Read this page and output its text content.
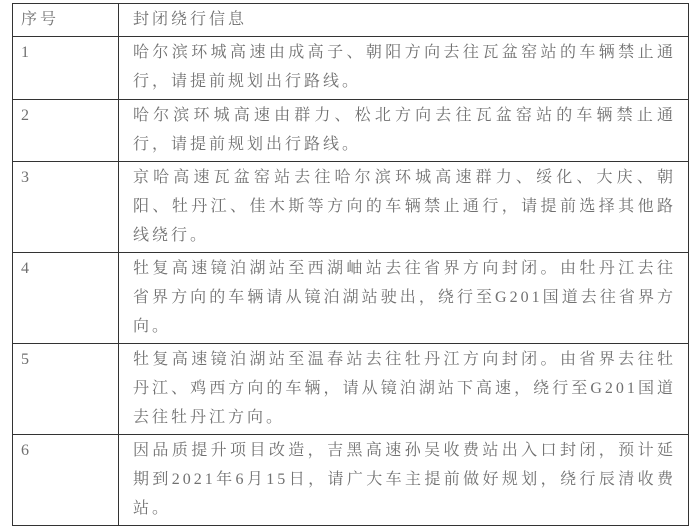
序号	封闭绕行信息
1	哈尔滨环城高速由成高子、朝阳方向去往瓦盆窑站的车辆禁止通行，请提前规划出行路线。
2	哈尔滨环城高速由群力、松北方向去往瓦盆窑站的车辆禁止通行，请提前规划出行路线。
3	京哈高速瓦盆窑站去往哈尔滨环城高速群力、绥化、大庆、朝阳、牡丹江、佳木斯等方向的车辆禁止通行，请提前选择其他路线绕行。
4	牡复高速镜泊湖站至西湖岫站去往省界方向封闭。由牡丹江去往省界方向的车辆请从镜泊湖站驶出，绕行至G201国道去往省界方向。
5	牡复高速镜泊湖站至温春站去往牡丹江方向封闭。由省界去往牡丹江、鸡西方向的车辆，请从镜泊湖站下高速，绕行至G201国道去往牡丹江方向。
6	因品质提升项目改造，吉黑高速孙吴收费站出入口封闭，预计延期到2021年6月15日，请广大车主提前做好规划，绕行辰清收费站。
